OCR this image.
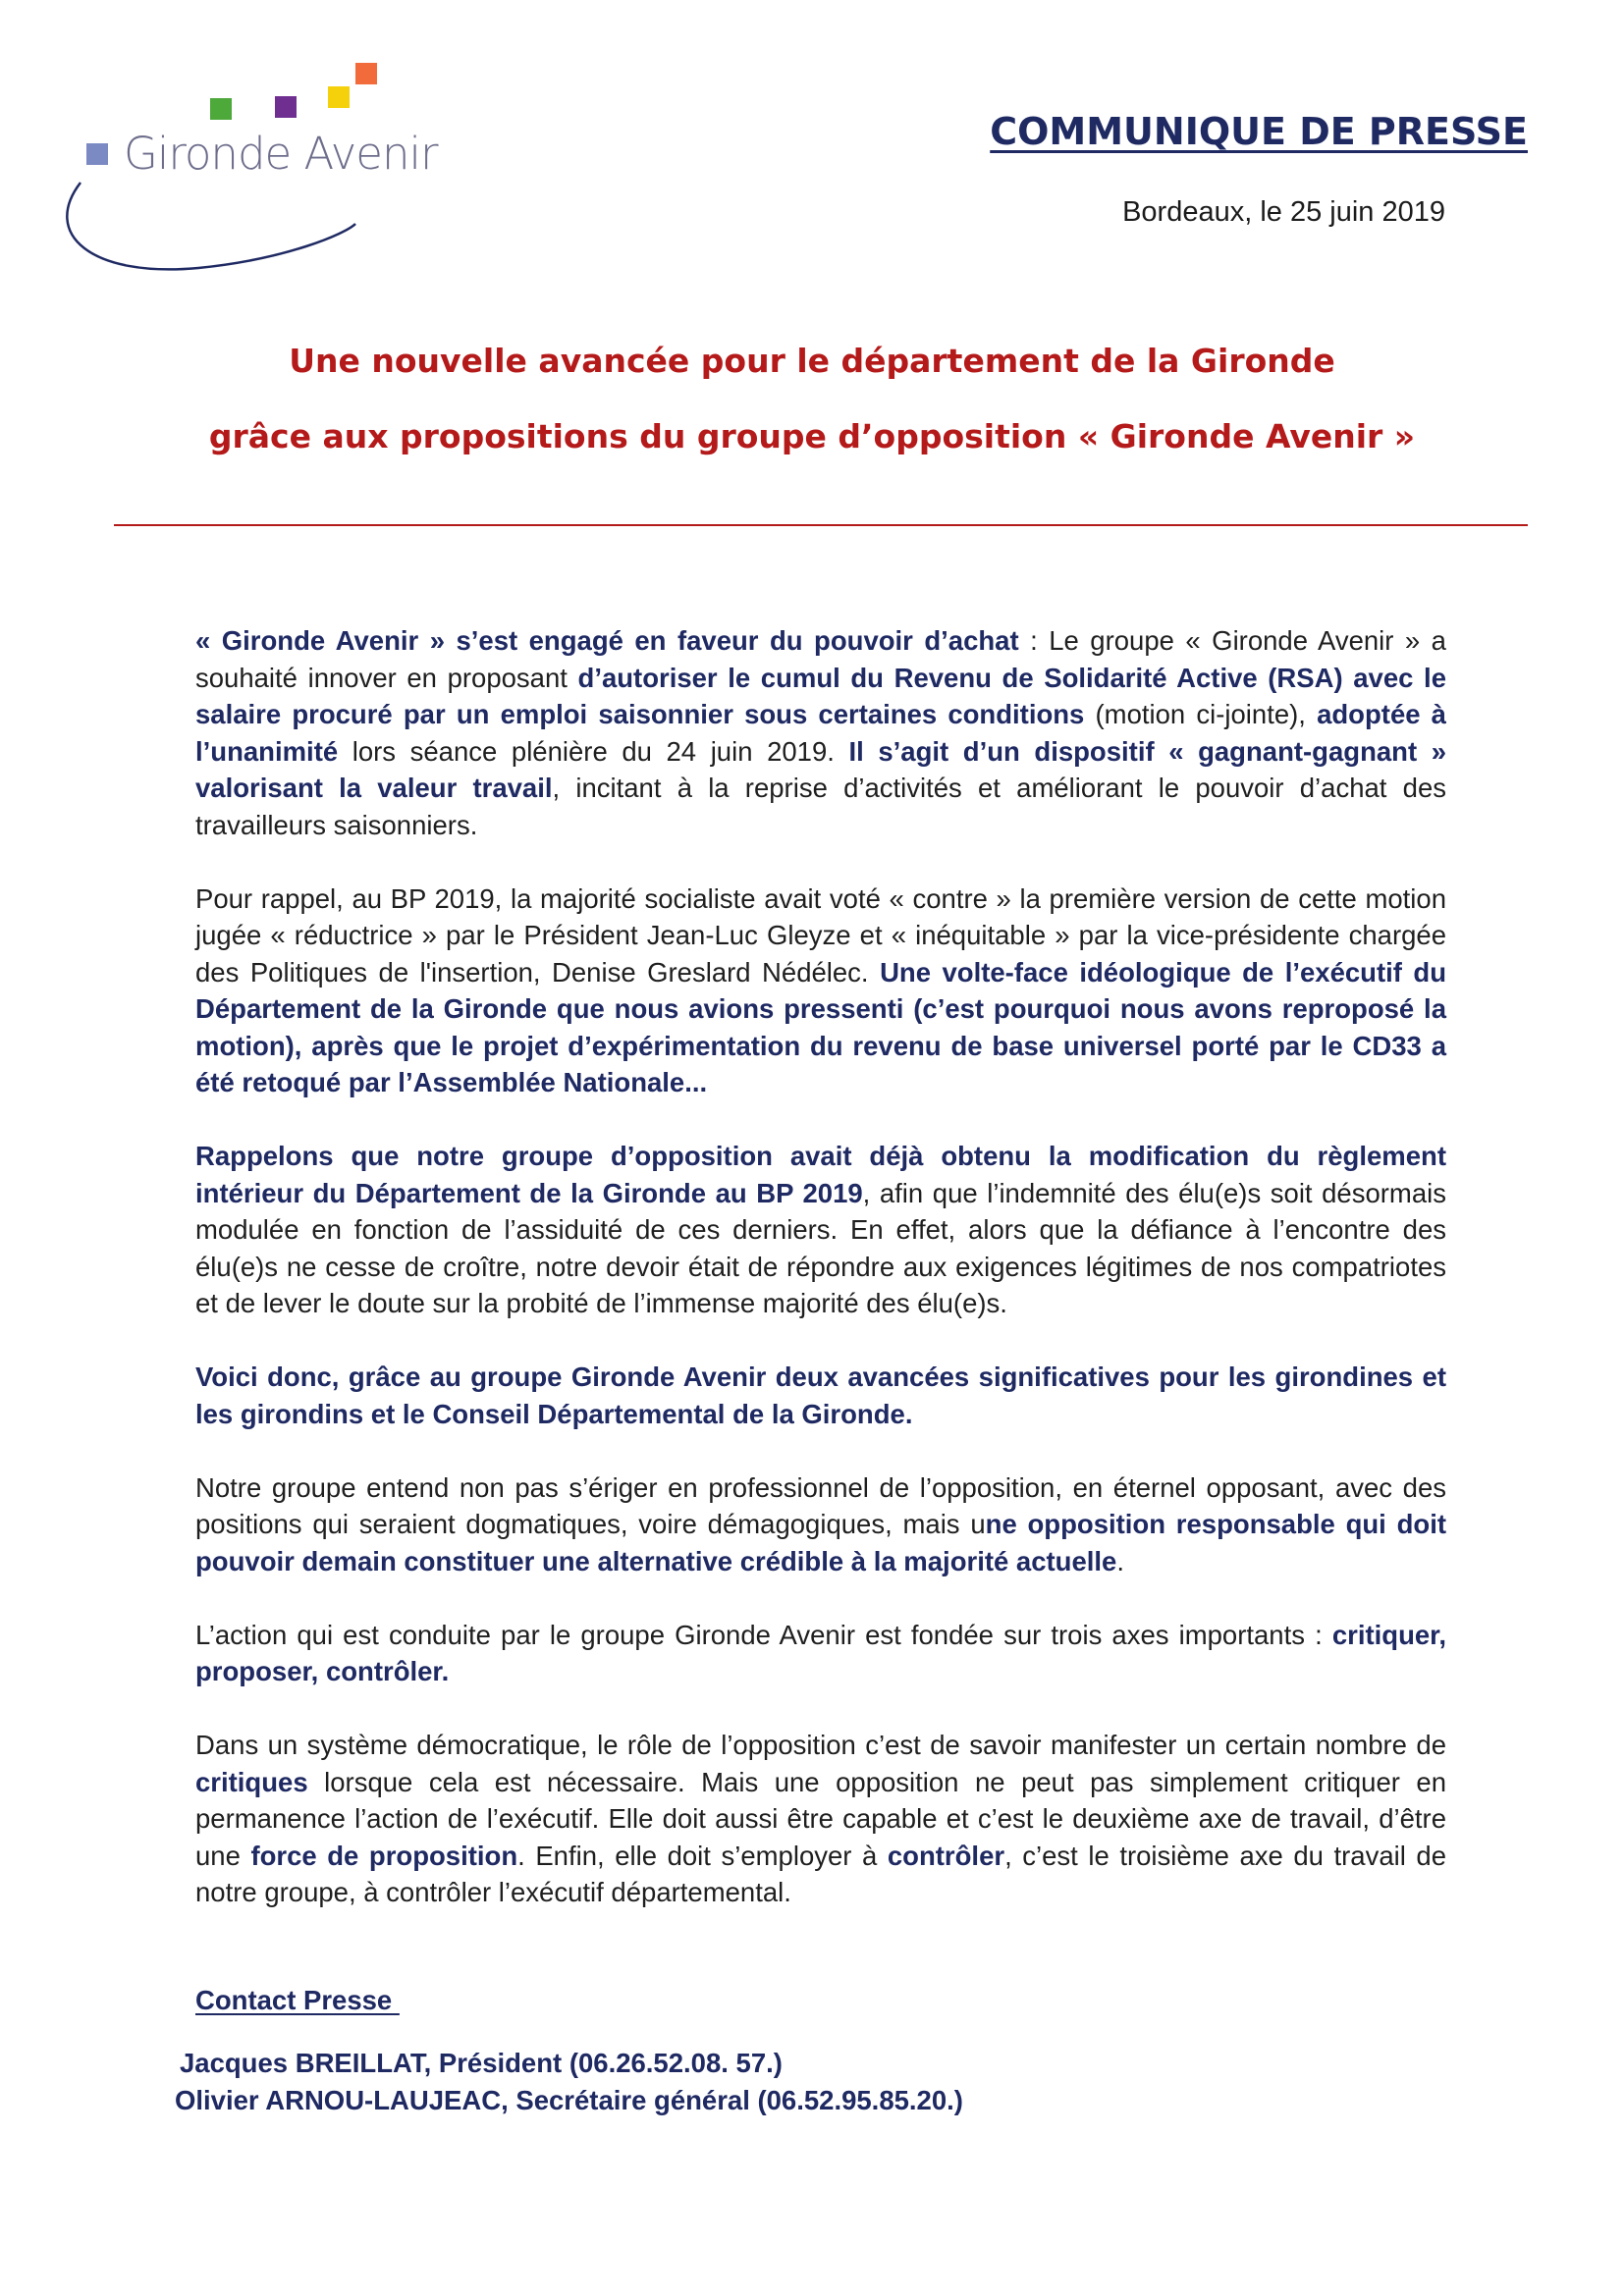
Gironde Avenir	COMMUNIQUE DE PRESSE
Bordeaux, le 25 juin 2019
Une nouvelle avancée pour le département de la Gironde
grâce aux propositions du groupe d’opposition « Gironde Avenir »

« Gironde Avenir » s’est engagé en faveur du pouvoir d’achat : Le groupe « Gironde Avenir » a souhaité innover en proposant d’autoriser le cumul du Revenu de Solidarité Active (RSA) avec le salaire procuré par un emploi saisonnier sous certaines conditions (motion ci-jointe), adoptée à l’unanimité lors séance plénière du 24 juin 2019. Il s’agit d’un dispositif « gagnant-gagnant » valorisant la valeur travail, incitant à la reprise d’activités et améliorant le pouvoir d’achat des travailleurs saisonniers.

Pour rappel, au BP 2019, la majorité socialiste avait voté « contre » la première version de cette motion jugée « réductrice » par le Président Jean-Luc Gleyze et « inéquitable » par la vice-présidente chargée des Politiques de l'insertion, Denise Greslard Nédélec. Une volte-face idéologique de l’exécutif du Département de la Gironde que nous avions pressenti (c’est pourquoi nous avons reproposé la motion), après que le projet d’expérimentation du revenu de base universel porté par le CD33 a été retoqué par l’Assemblée Nationale...

Rappelons que notre groupe d’opposition avait déjà obtenu la modification du règlement intérieur du Département de la Gironde au BP 2019, afin que l’indemnité des élu(e)s soit désormais modulée en fonction de l’assiduité de ces derniers. En effet, alors que la défiance à l’encontre des élu(e)s ne cesse de croître, notre devoir était de répondre aux exigences légitimes de nos compatriotes et de lever le doute sur la probité de l’immense majorité des élu(e)s.

Voici donc, grâce au groupe Gironde Avenir deux avancées significatives pour les girondines et les girondins et le Conseil Départemental de la Gironde.

Notre groupe entend non pas s’ériger en professionnel de l’opposition, en éternel opposant, avec des positions qui seraient dogmatiques, voire démagogiques, mais une opposition responsable qui doit pouvoir demain constituer une alternative crédible à la majorité actuelle.

L’action qui est conduite par le groupe Gironde Avenir est fondée sur trois axes importants : critiquer, proposer, contrôler.

Dans un système démocratique, le rôle de l’opposition c’est de savoir manifester un certain nombre de critiques lorsque cela est nécessaire. Mais une opposition ne peut pas simplement critiquer en permanence l’action de l’exécutif. Elle doit aussi être capable et c’est le deuxième axe de travail, d’être une force de proposition. Enfin, elle doit s’employer à contrôler, c’est le troisième axe du travail de notre groupe, à contrôler l’exécutif départemental.

Contact Presse
Jacques BREILLAT, Président (06.26.52.08. 57.)
Olivier ARNOU-LAUJEAC, Secrétaire général (06.52.95.85.20.)
